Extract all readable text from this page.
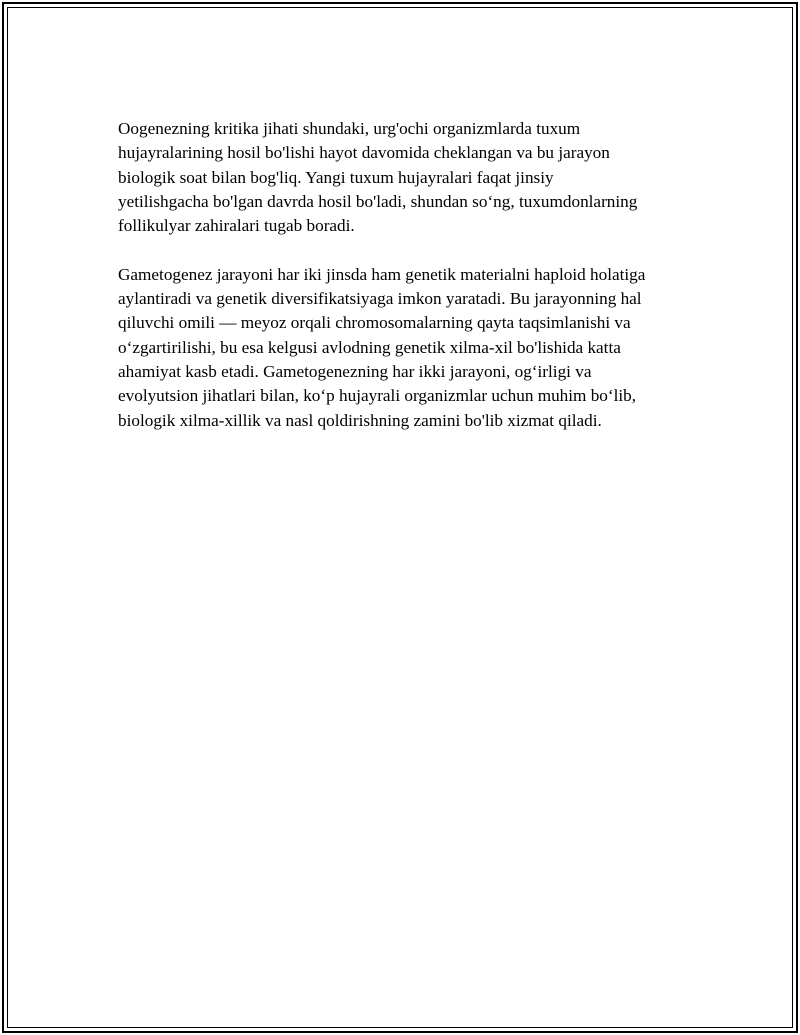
Oogenezning kritika jihati shundaki, urg'ochi organizmlarda tuxum
hujayralarining hosil bo'lishi hayot davomida cheklangan va bu jarayon
biologik soat bilan bog'liq. Yangi tuxum hujayralari faqat jinsiy
yetilishgacha bo'lgan davrda hosil bo'ladi, shundan so‘ng, tuxumdonlarning
follikulyar zahiralari tugab boradi.

Gametogenez jarayoni har iki jinsda ham genetik materialni haploid holatiga
aylantiradi va genetik diversifikatsiyaga imkon yaratadi. Bu jarayonning hal
qiluvchi omili — meyoz orqali chromosomalarning qayta taqsimlanishi va
o‘zgartirilishi, bu esa kelgusi avlodning genetik xilma-xil bo'lishida katta
ahamiyat kasb etadi. Gametogenezning har ikki jarayoni, og‘irligi va
evolyutsion jihatlari bilan, ko‘p hujayrali organizmlar uchun muhim bo‘lib,
biologik xilma-xillik va nasl qoldirishning zamini bo'lib xizmat qiladi.
